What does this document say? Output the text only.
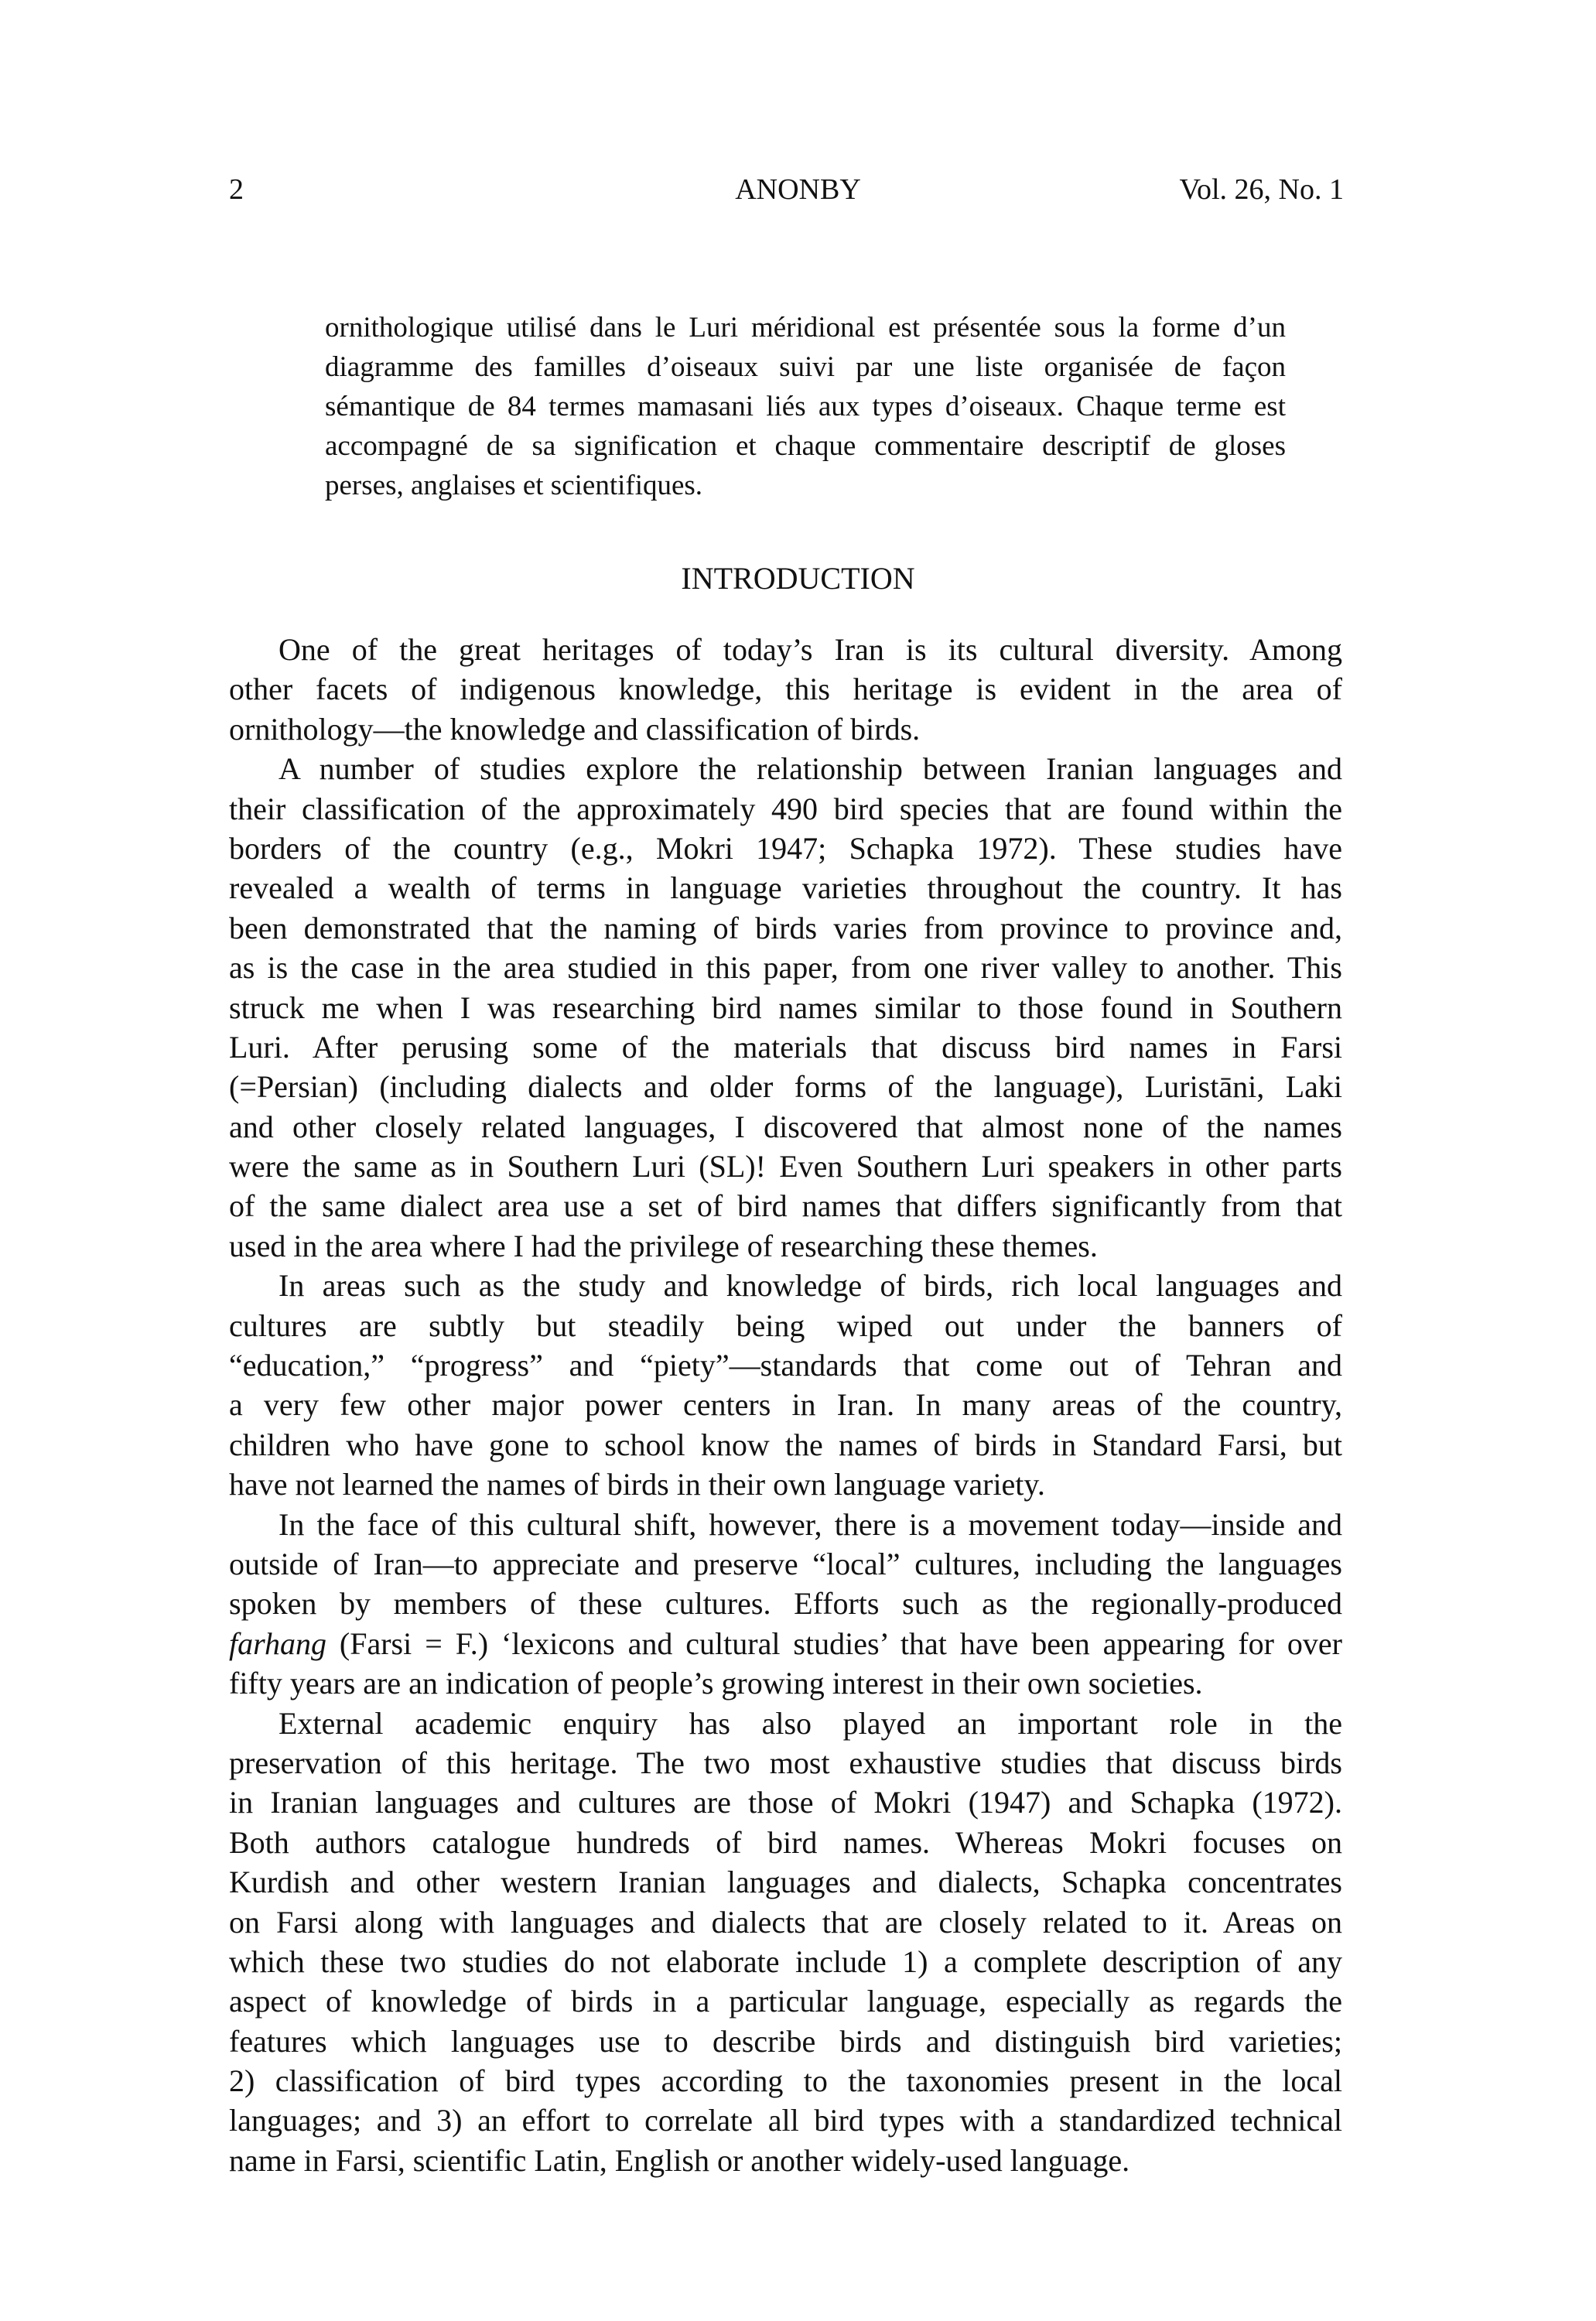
2	ANONBY	Vol. 26, No. 1
ornithologique utilisé dans le Luri méridional est présentée sous la forme d’un
diagramme des familles d’oiseaux suivi par une liste organisée de façon
sémantique de 84 termes mamasani liés aux types d’oiseaux. Chaque terme est
accompagné de sa signification et chaque commentaire descriptif de gloses
perses, anglaises et scientifiques.
INTRODUCTION
One of the great heritages of today’s Iran is its cultural diversity. Among
other facets of indigenous knowledge, this heritage is evident in the area of
ornithology—the knowledge and classification of birds.
A number of studies explore the relationship between Iranian languages and
their classification of the approximately 490 bird species that are found within the
borders of the country (e.g., Mokri 1947; Schapka 1972). These studies have
revealed a wealth of terms in language varieties throughout the country. It has
been demonstrated that the naming of birds varies from province to province and,
as is the case in the area studied in this paper, from one river valley to another. This
struck me when I was researching bird names similar to those found in Southern
Luri. After perusing some of the materials that discuss bird names in Farsi
(=Persian) (including dialects and older forms of the language), Luristāni, Laki
and other closely related languages, I discovered that almost none of the names
were the same as in Southern Luri (SL)! Even Southern Luri speakers in other parts
of the same dialect area use a set of bird names that differs significantly from that
used in the area where I had the privilege of researching these themes.
In areas such as the study and knowledge of birds, rich local languages and
cultures are subtly but steadily being wiped out under the banners of
“education,” “progress” and “piety”—standards that come out of Tehran and
a very few other major power centers in Iran. In many areas of the country,
children who have gone to school know the names of birds in Standard Farsi, but
have not learned the names of birds in their own language variety.
In the face of this cultural shift, however, there is a movement today—inside and
outside of Iran—to appreciate and preserve “local” cultures, including the languages
spoken by members of these cultures. Efforts such as the regionally-produced
farhang (Farsi = F.) ‘lexicons and cultural studies’ that have been appearing for over
fifty years are an indication of people’s growing interest in their own societies.
External academic enquiry has also played an important role in the
preservation of this heritage. The two most exhaustive studies that discuss birds
in Iranian languages and cultures are those of Mokri (1947) and Schapka (1972).
Both authors catalogue hundreds of bird names. Whereas Mokri focuses on
Kurdish and other western Iranian languages and dialects, Schapka concentrates
on Farsi along with languages and dialects that are closely related to it. Areas on
which these two studies do not elaborate include 1) a complete description of any
aspect of knowledge of birds in a particular language, especially as regards the
features which languages use to describe birds and distinguish bird varieties;
2) classification of bird types according to the taxonomies present in the local
languages; and 3) an effort to correlate all bird types with a standardized technical
name in Farsi, scientific Latin, English or another widely-used language.
